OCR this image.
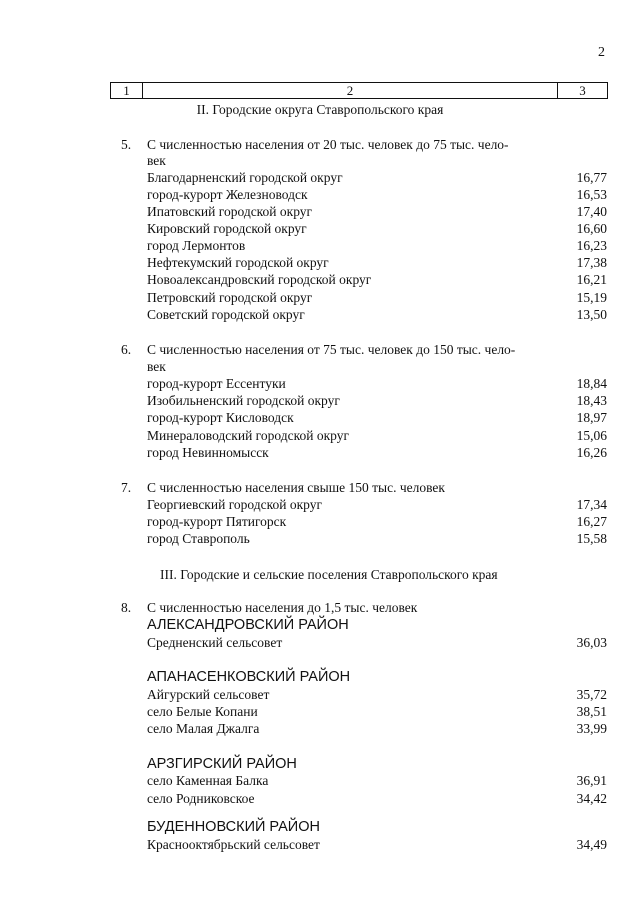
2
1	2	3
II. Городские округа Ставропольского края
5. С численностью населения от 20 тыс. человек до 75 тыс. чело-
век
Благодарненский городской округ	16,77
город-курорт Железноводск	16,53
Ипатовский городской округ	17,40
Кировский городской округ	16,60
город Лермонтов	16,23
Нефтекумский городской округ	17,38
Новоалександровский городской округ	16,21
Петровский городской округ	15,19
Советский городской округ	13,50
6. С численностью населения от 75 тыс. человек до 150 тыс. чело-
век
город-курорт Ессентуки	18,84
Изобильненский городской округ	18,43
город-курорт Кисловодск	18,97
Минераловодский городской округ	15,06
город Невинномысск	16,26
7. С численностью населения свыше 150 тыс. человек
Георгиевский городской округ	17,34
город-курорт Пятигорск	16,27
город Ставрополь	15,58
III. Городские и сельские поселения Ставропольского края
8. С численностью населения до 1,5 тыс. человек
АЛЕКСАНДРОВСКИЙ РАЙОН
Средненский сельсовет	36,03
АПАНАСЕНКОВСКИЙ РАЙОН
Айгурский сельсовет	35,72
село Белые Копани	38,51
село Малая Джалга	33,99
АРЗГИРСКИЙ РАЙОН
село Каменная Балка	36,91
село Родниковское	34,42
БУДЕННОВСКИЙ РАЙОН
Краснооктябрьский сельсовет	34,49
